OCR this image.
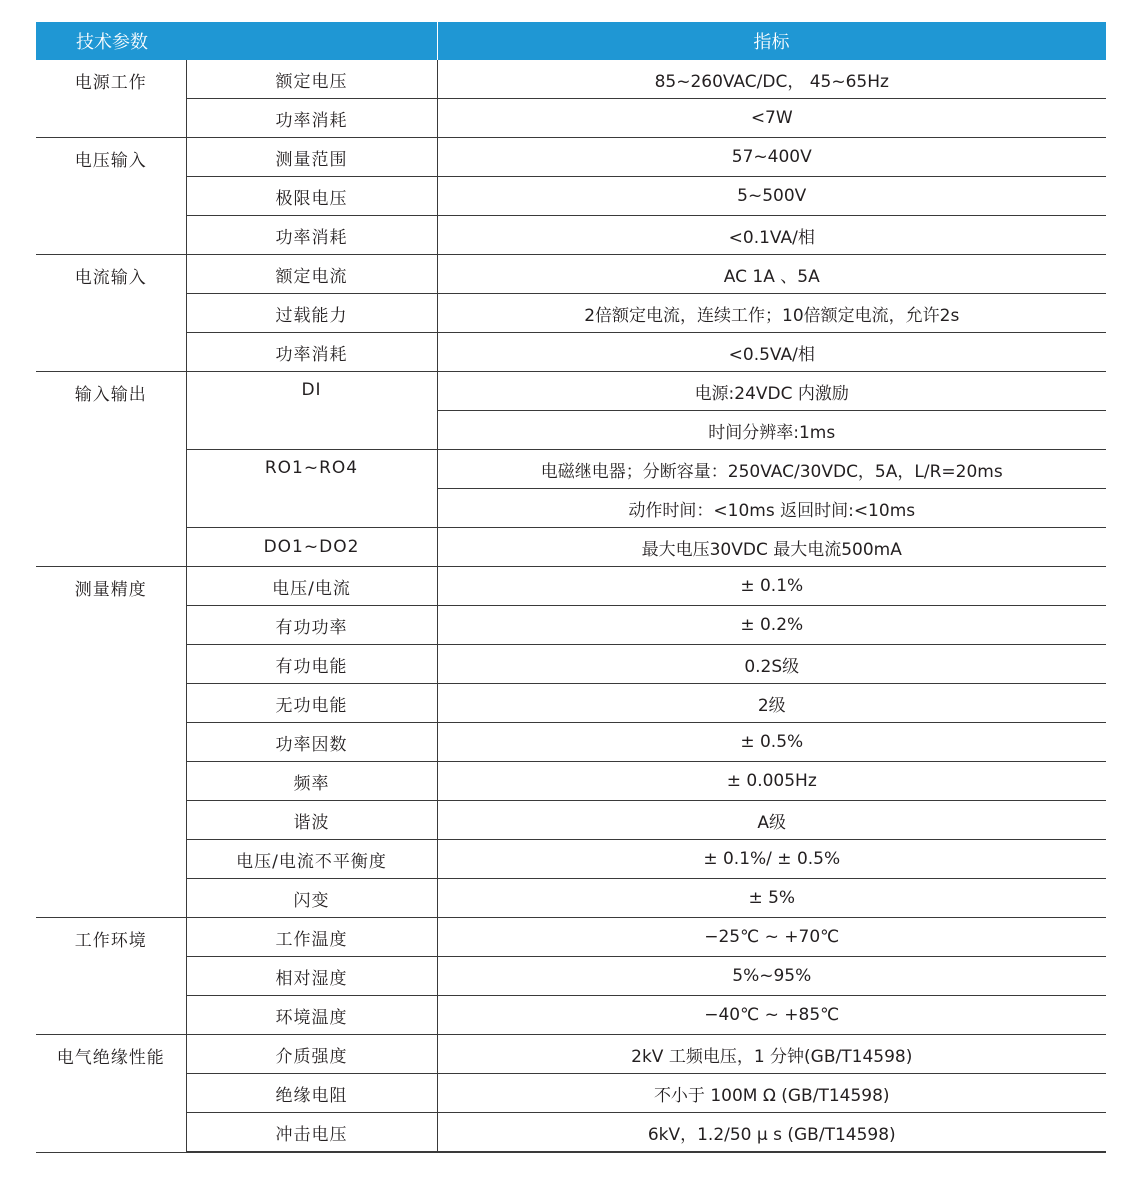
技术参数		指标
电源工作	额定电压	85~260VAC/DC， 45~65Hz
	功率消耗	<7W
电压输入	测量范围	57~400V
	极限电压	5~500V
	功率消耗	<0.1VA/相
电流输入	额定电流	AC 1A 、5A
	过载能力	2倍额定电流，连续工作；10倍额定电流，允许2s
	功率消耗	<0.5VA/相
输入输出	DI	电源:24VDC 内激励
		时间分辨率:1ms
	RO1~RO4	电磁继电器；分断容量：250VAC/30VDC，5A，L/R=20ms
		动作时间：<10ms 返回时间:<10ms
	DO1~DO2	最大电压30VDC 最大电流500mA
测量精度	电压/电流	± 0.1%
	有功功率	± 0.2%
	有功电能	0.2S级
	无功电能	2级
	功率因数	± 0.5%
	频率	± 0.005Hz
	谐波	A级
	电压/电流不平衡度	± 0.1%/ ± 0.5%
	闪变	± 5%
工作环境	工作温度	−25℃ ~ +70℃
	相对湿度	5%~95%
	环境温度	−40℃ ~ +85℃
电气绝缘性能	介质强度	2kV 工频电压，1 分钟(GB/T14598)
	绝缘电阻	不小于 100M Ω (GB/T14598)
	冲击电压	6kV，1.2/50 μ s (GB/T14598)
